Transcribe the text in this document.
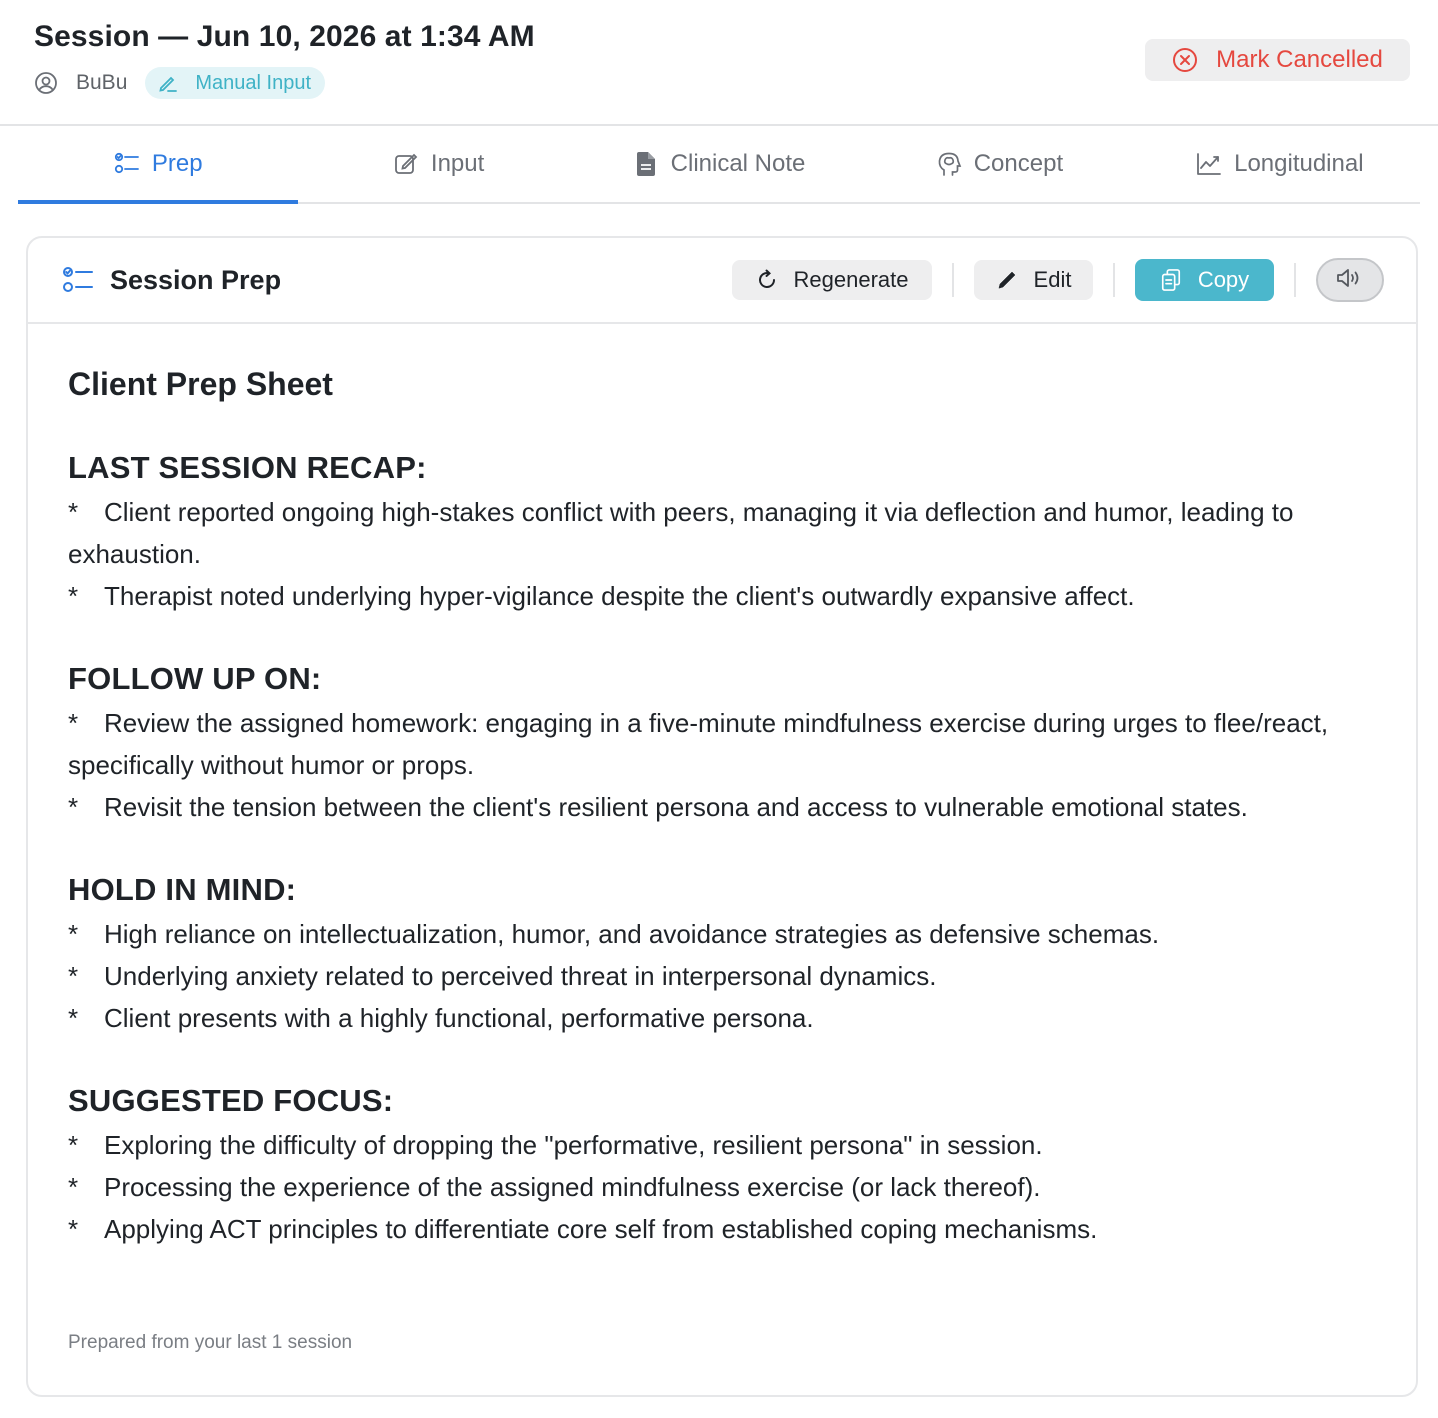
Session — Jun 10, 2026 at 1:34 AM
BuBu	Manual Input
Mark Cancelled
Prep	Input	Clinical Note	Concept	Longitudinal
Session Prep	Regenerate	Edit	Copy
Client Prep Sheet
LAST SESSION RECAP:
* Client reported ongoing high-stakes conflict with peers, managing it via deflection and humor, leading to exhaustion.
* Therapist noted underlying hyper-vigilance despite the client's outwardly expansive affect.
FOLLOW UP ON:
* Review the assigned homework: engaging in a five-minute mindfulness exercise during urges to flee/react, specifically without humor or props.
* Revisit the tension between the client's resilient persona and access to vulnerable emotional states.
HOLD IN MIND:
* High reliance on intellectualization, humor, and avoidance strategies as defensive schemas.
* Underlying anxiety related to perceived threat in interpersonal dynamics.
* Client presents with a highly functional, performative persona.
SUGGESTED FOCUS:
* Exploring the difficulty of dropping the "performative, resilient persona" in session.
* Processing the experience of the assigned mindfulness exercise (or lack thereof).
* Applying ACT principles to differentiate core self from established coping mechanisms.
Prepared from your last 1 session
